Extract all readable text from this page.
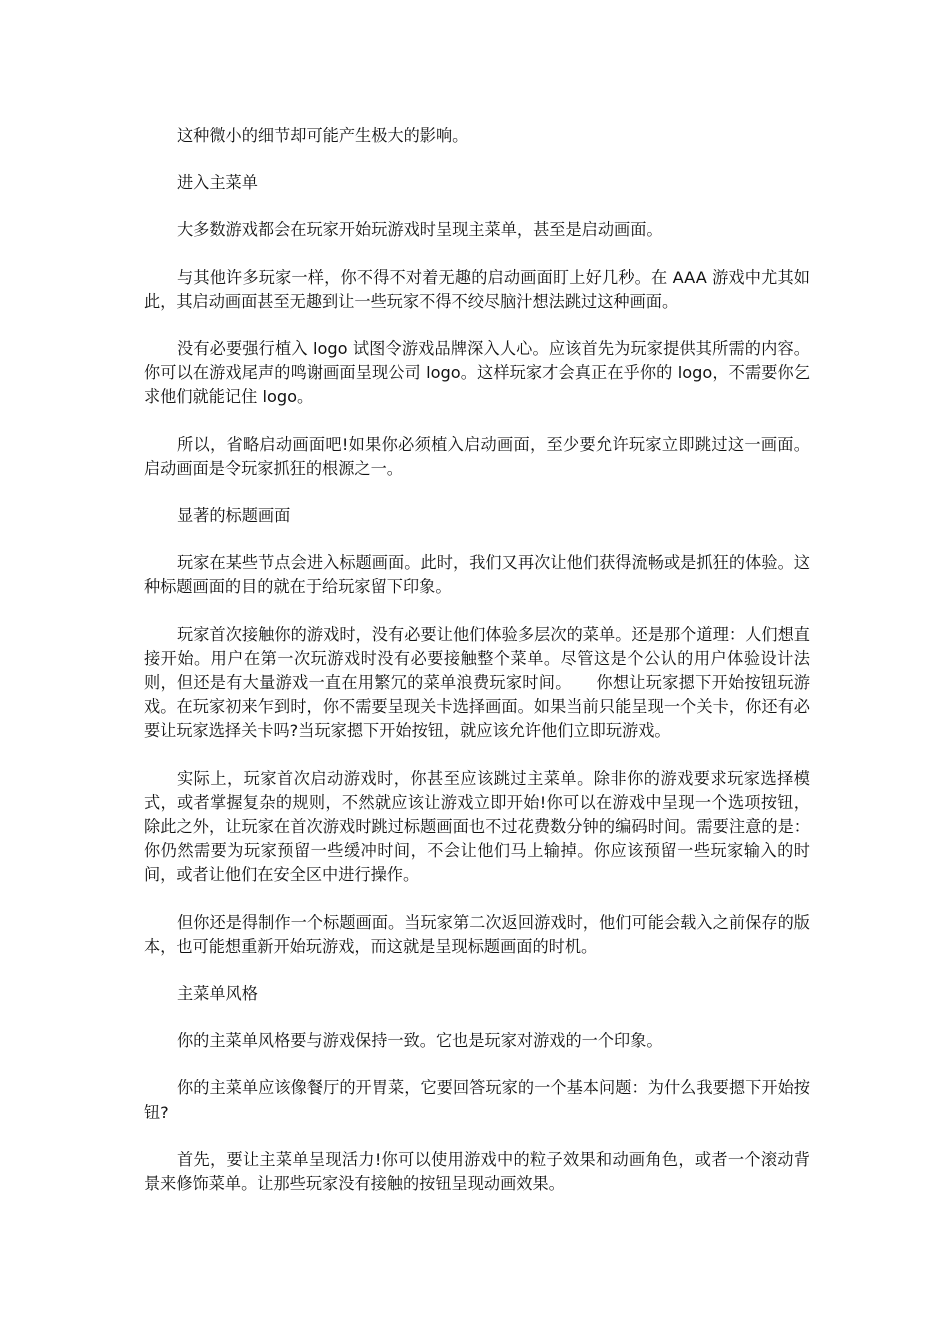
这种微小的细节却可能产生极大的影响。

进入主菜单

大多数游戏都会在玩家开始玩游戏时呈现主菜单，甚至是启动画面。

与其他许多玩家一样，你不得不对着无趣的启动画面盯上好几秒。在 AAA 游戏中尤其如此，其启动画面甚至无趣到让一些玩家不得不绞尽脑汁想法跳过这种画面。

没有必要强行植入 logo 试图令游戏品牌深入人心。应该首先为玩家提供其所需的内容。你可以在游戏尾声的鸣谢画面呈现公司 logo。这样玩家才会真正在乎你的 logo，不需要你乞求他们就能记住 logo。

所以，省略启动画面吧!如果你必须植入启动画面，至少要允许玩家立即跳过这一画面。启动画面是令玩家抓狂的根源之一。

显著的标题画面

玩家在某些节点会进入标题画面。此时，我们又再次让他们获得流畅或是抓狂的体验。这种标题画面的目的就在于给玩家留下印象。

玩家首次接触你的游戏时，没有必要让他们体验多层次的菜单。还是那个道理：人们想直接开始。用户在第一次玩游戏时没有必要接触整个菜单。尽管这是个公认的用户体验设计法则，但还是有大量游戏一直在用繁冗的菜单浪费玩家时间。　　你想让玩家摁下开始按钮玩游戏。在玩家初来乍到时，你不需要呈现关卡选择画面。如果当前只能呈现一个关卡，你还有必要让玩家选择关卡吗?当玩家摁下开始按钮，就应该允许他们立即玩游戏。

实际上，玩家首次启动游戏时，你甚至应该跳过主菜单。除非你的游戏要求玩家选择模式，或者掌握复杂的规则，不然就应该让游戏立即开始!你可以在游戏中呈现一个选项按钮，除此之外，让玩家在首次游戏时跳过标题画面也不过花费数分钟的编码时间。需要注意的是：你仍然需要为玩家预留一些缓冲时间，不会让他们马上输掉。你应该预留一些玩家输入的时间，或者让他们在安全区中进行操作。

但你还是得制作一个标题画面。当玩家第二次返回游戏时，他们可能会载入之前保存的版本，也可能想重新开始玩游戏，而这就是呈现标题画面的时机。

主菜单风格

你的主菜单风格要与游戏保持一致。它也是玩家对游戏的一个印象。

你的主菜单应该像餐厅的开胃菜，它要回答玩家的一个基本问题：为什么我要摁下开始按钮?

首先，要让主菜单呈现活力!你可以使用游戏中的粒子效果和动画角色，或者一个滚动背景来修饰菜单。让那些玩家没有接触的按钮呈现动画效果。
